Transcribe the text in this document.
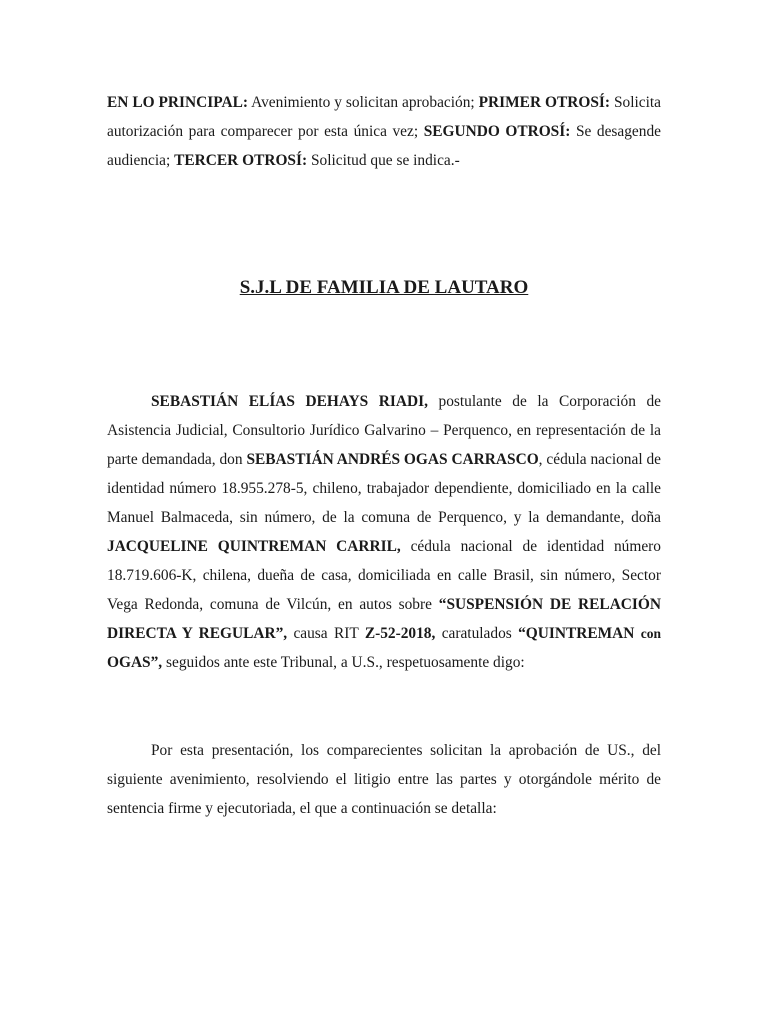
EN LO PRINCIPAL: Avenimiento y solicitan aprobación; PRIMER OTROSÍ: Solicita autorización para comparecer por esta única vez; SEGUNDO OTROSÍ: Se desagende audiencia; TERCER OTROSÍ: Solicitud que se indica.-

S.J.L DE FAMILIA DE LAUTARO

SEBASTIÁN ELÍAS DEHAYS RIADI, postulante de la Corporación de Asistencia Judicial, Consultorio Jurídico Galvarino – Perquenco, en representación de la parte demandada, don SEBASTIÁN ANDRÉS OGAS CARRASCO, cédula nacional de identidad número 18.955.278-5, chileno, trabajador dependiente, domiciliado en la calle Manuel Balmaceda, sin número, de la comuna de Perquenco, y la demandante, doña JACQUELINE QUINTREMAN CARRIL, cédula nacional de identidad número 18.719.606-K, chilena, dueña de casa, domiciliada en calle Brasil, sin número, Sector Vega Redonda, comuna de Vilcún, en autos sobre “SUSPENSIÓN DE RELACIÓN DIRECTA Y REGULAR”, causa RIT Z-52-2018, caratulados “QUINTREMAN con OGAS”, seguidos ante este Tribunal, a U.S., respetuosamente digo:

Por esta presentación, los comparecientes solicitan la aprobación de US., del siguiente avenimiento, resolviendo el litigio entre las partes y otorgándole mérito de sentencia firme y ejecutoriada, el que a continuación se detalla:
